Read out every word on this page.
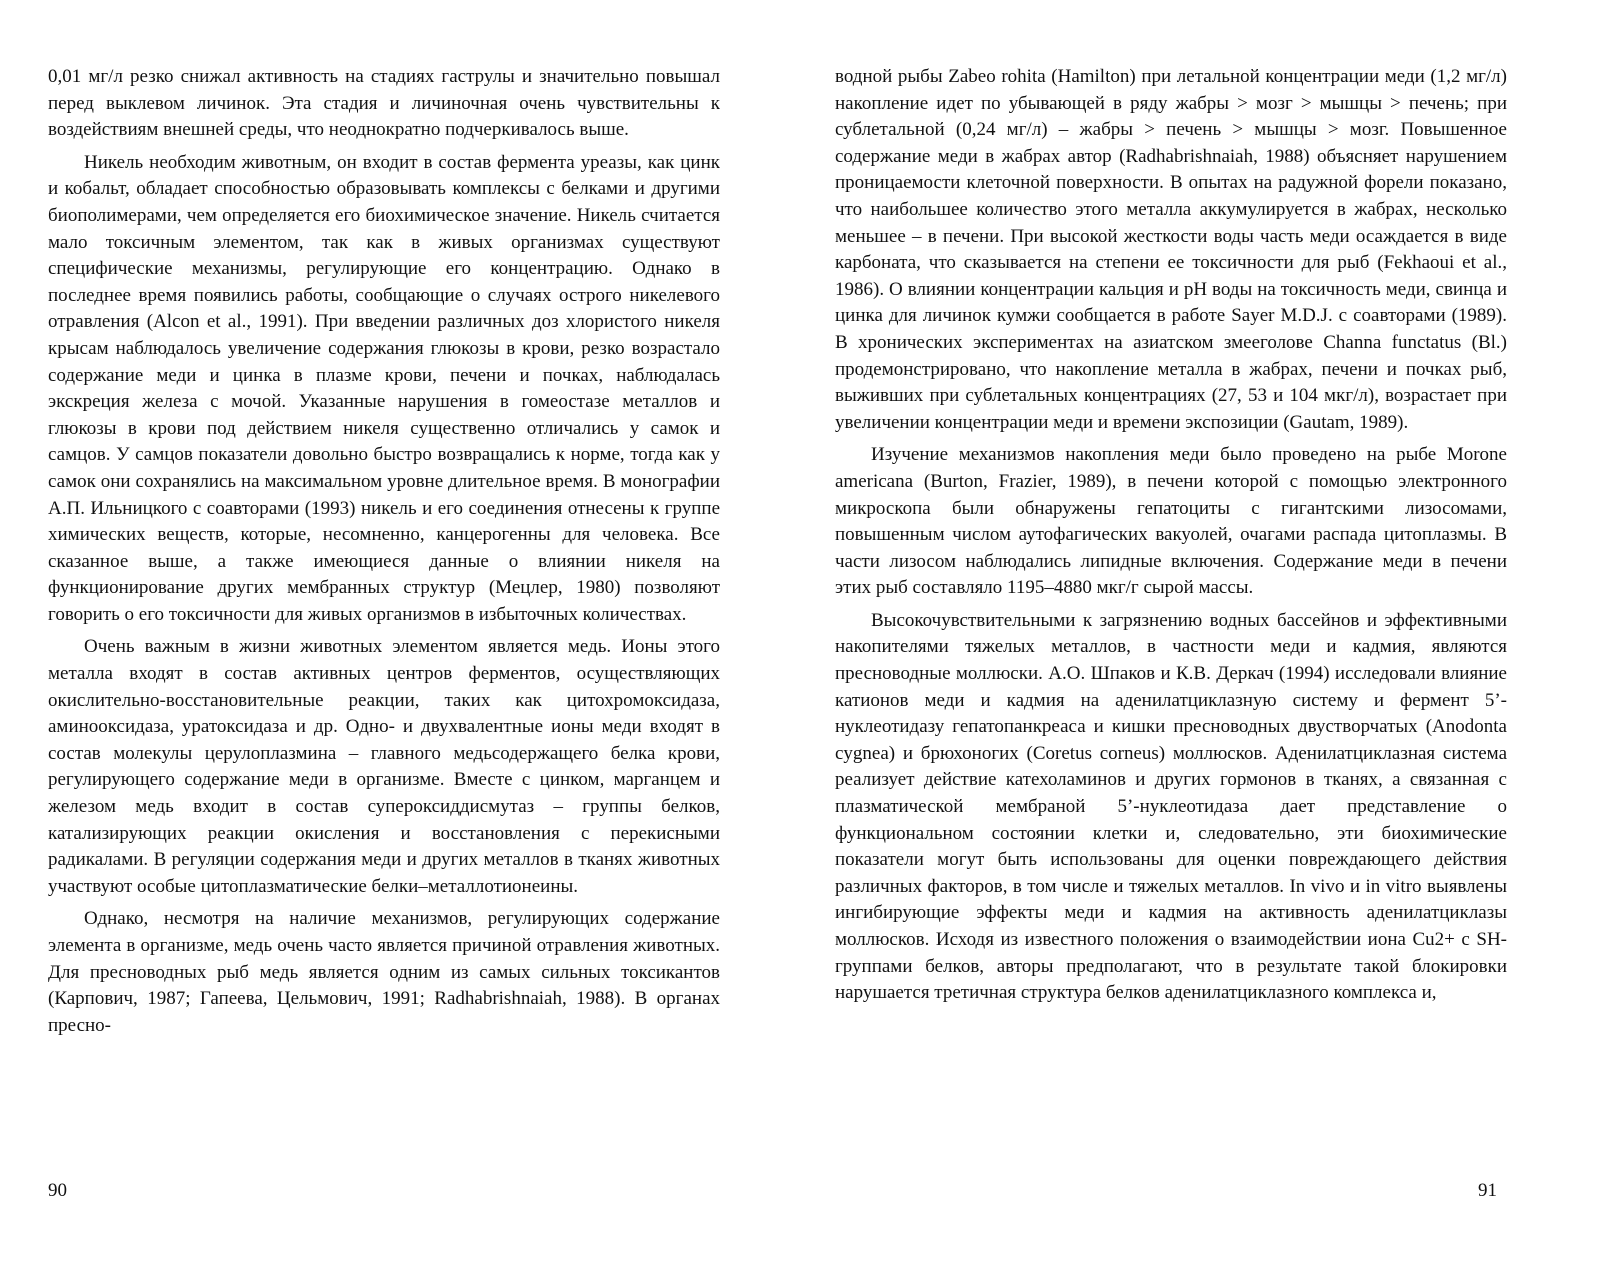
0,01 мг/л резко снижал активность на стадиях гаструлы и значительно повышал перед выклевом личинок. Эта стадия и личиночная очень чувствительны к воздействиям внешней среды, что неоднократно подчеркивалось выше.

Никель необходим животным, он входит в состав фермента уреазы, как цинк и кобальт, обладает способностью образовывать комплексы с белками и другими биополимерами, чем определяется его биохимическое значение. Никель считается мало токсичным элементом, так как в живых организмах существуют специфические механизмы, регулирующие его концентрацию. Однако в последнее время появились работы, сообщающие о случаях острого никелевого отравления (Alcon et al., 1991). При введении различных доз хлористого никеля крысам наблюдалось увеличение содержания глюкозы в крови, резко возрастало содержание меди и цинка в плазме крови, печени и почках, наблюдалась экскреция железа с мочой. Указанные нарушения в гомеостазе металлов и глюкозы в крови под действием никеля существенно отличались у самок и самцов. У самцов показатели довольно быстро возвращались к норме, тогда как у самок они сохранялись на максимальном уровне длительное время. В монографии А.П. Ильницкого с соавторами (1993) никель и его соединения отнесены к группе химических веществ, которые, несомненно, канцерогенны для человека. Все сказанное выше, а также имеющиеся данные о влиянии никеля на функционирование других мембранных структур (Мецлер, 1980) позволяют говорить о его токсичности для живых организмов в избыточных количествах.

Очень важным в жизни животных элементом является медь. Ионы этого металла входят в состав активных центров ферментов, осуществляющих окислительно-восстановительные реакции, таких как цитохромоксидаза, аминооксидаза, уратоксидаза и др. Одно- и двухвалентные ионы меди входят в состав молекулы церулоплазмина – главного медьсодержащего белка крови, регулирующего содержание меди в организме. Вместе с цинком, марганцем и железом медь входит в состав супероксиддисмутаз – группы белков, катализирующих реакции окисления и восстановления с перекисными радикалами. В регуляции содержания меди и других металлов в тканях животных участвуют особые цитоплазматические белки–металлотионеины.

Однако, несмотря на наличие механизмов, регулирующих содержание элемента в организме, медь очень часто является причиной отравления животных. Для пресноводных рыб медь является одним из самых сильных токсикантов (Карпович, 1987; Гапеева, Цельмович, 1991; Radhabrishnaiah, 1988). В органах пресно-

90

водной рыбы Zabeo rohita (Hamilton) при летальной концентрации меди (1,2 мг/л) накопление идет по убывающей в ряду жабры > мозг > мышцы > печень; при сублетальной (0,24 мг/л) – жабры > печень > мышцы > мозг. Повышенное содержание меди в жабрах автор (Radhabrishnaiah, 1988) объясняет нарушением проницаемости клеточной поверхности. В опытах на радужной форели показано, что наибольшее количество этого металла аккумулируется в жабрах, несколько меньшее – в печени. При высокой жесткости воды часть меди осаждается в виде карбоната, что сказывается на степени ее токсичности для рыб (Fekhaoui et al., 1986). О влиянии концентрации кальция и pH воды на токсичность меди, свинца и цинка для личинок кумжи сообщается в работе Sayer M.D.J. с соавторами (1989). В хронических экспериментах на азиатском змееголове Channa functatus (Bl.) продемонстрировано, что накопление металла в жабрах, печени и почках рыб, выживших при сублетальных концентрациях (27, 53 и 104 мкг/л), возрастает при увеличении концентрации меди и времени экспозиции (Gautam, 1989).

Изучение механизмов накопления меди было проведено на рыбе Morone americana (Burton, Frazier, 1989), в печени которой с помощью электронного микроскопа были обнаружены гепатоциты с гигантскими лизосомами, повышенным числом аутофагических вакуолей, очагами распада цитоплазмы. В части лизосом наблюдались липидные включения. Содержание меди в печени этих рыб составляло 1195–4880 мкг/г сырой массы.

Высокочувствительными к загрязнению водных бассейнов и эффективными накопителями тяжелых металлов, в частности меди и кадмия, являются пресноводные моллюски. А.О. Шпаков и К.В. Деркач (1994) исследовали влияние катионов меди и кадмия на аденилатциклазную систему и фермент 5’-нуклеотидазу гепатопанкреаса и кишки пресноводных двустворчатых (Anodonta cygnea) и брюхоногих (Coretus corneus) моллюсков. Аденилатциклазная система реализует действие катехоламинов и других гормонов в тканях, а связанная с плазматической мембраной 5’-нуклеотидаза дает представление о функциональном состоянии клетки и, следовательно, эти биохимические показатели могут быть использованы для оценки повреждающего действия различных факторов, в том числе и тяжелых металлов. In vivo и in vitro выявлены ингибирующие эффекты меди и кадмия на активность аденилатциклазы моллюсков. Исходя из известного положения о взаимодействии иона Cu2+ с SH-группами белков, авторы предполагают, что в результате такой блокировки нарушается третичная структура белков аденилатциклазного комплекса и,

91
